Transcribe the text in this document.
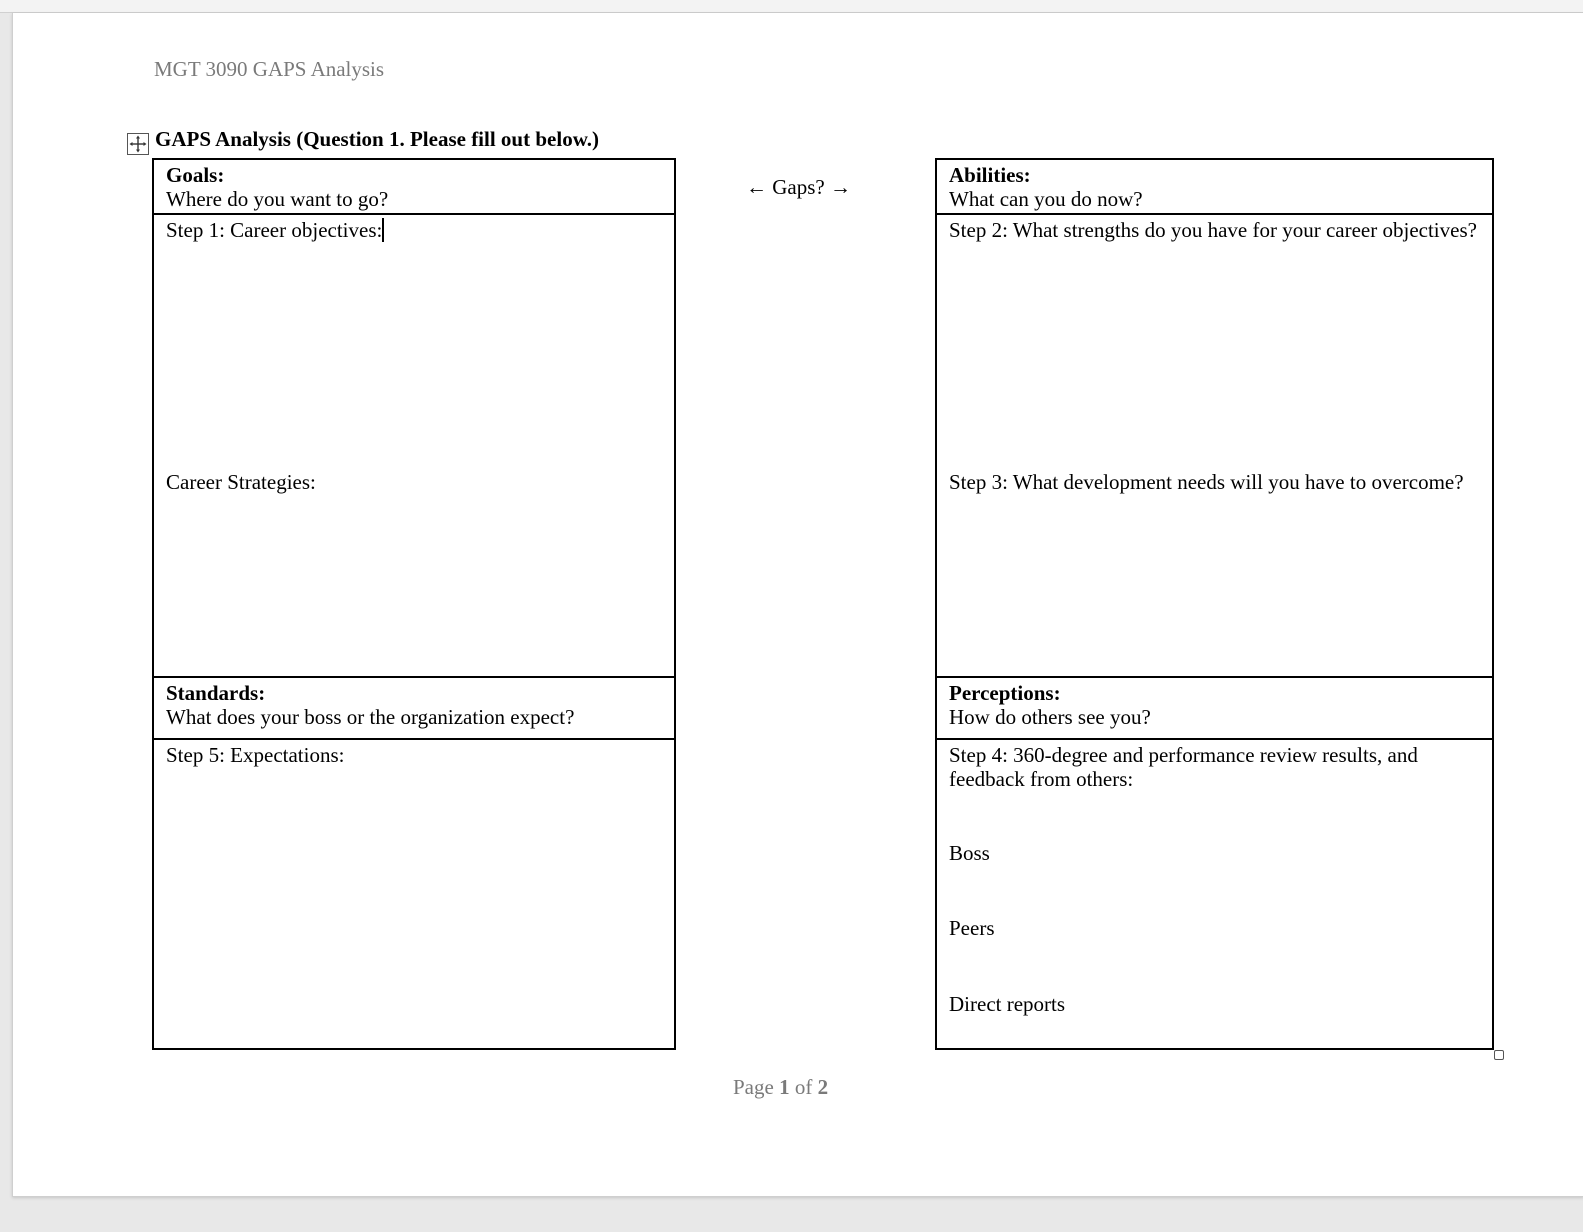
MGT 3090 GAPS Analysis
GAPS Analysis (Question 1. Please fill out below.)
Goals:
Where do you want to go?
Step 1: Career objectives:
Career Strategies:
Standards:
What does your boss or the organization expect?
Step 5: Expectations:
← Gaps? →	Abilities:
What can you do now?
Step 2: What strengths do you have for your career objectives?
Step 3: What development needs will you have to overcome?
Perceptions:
How do others see you?
Step 4: 360-degree and performance review results, and feedback from others:
Boss
Peers
Direct reports
Page 1 of 2
